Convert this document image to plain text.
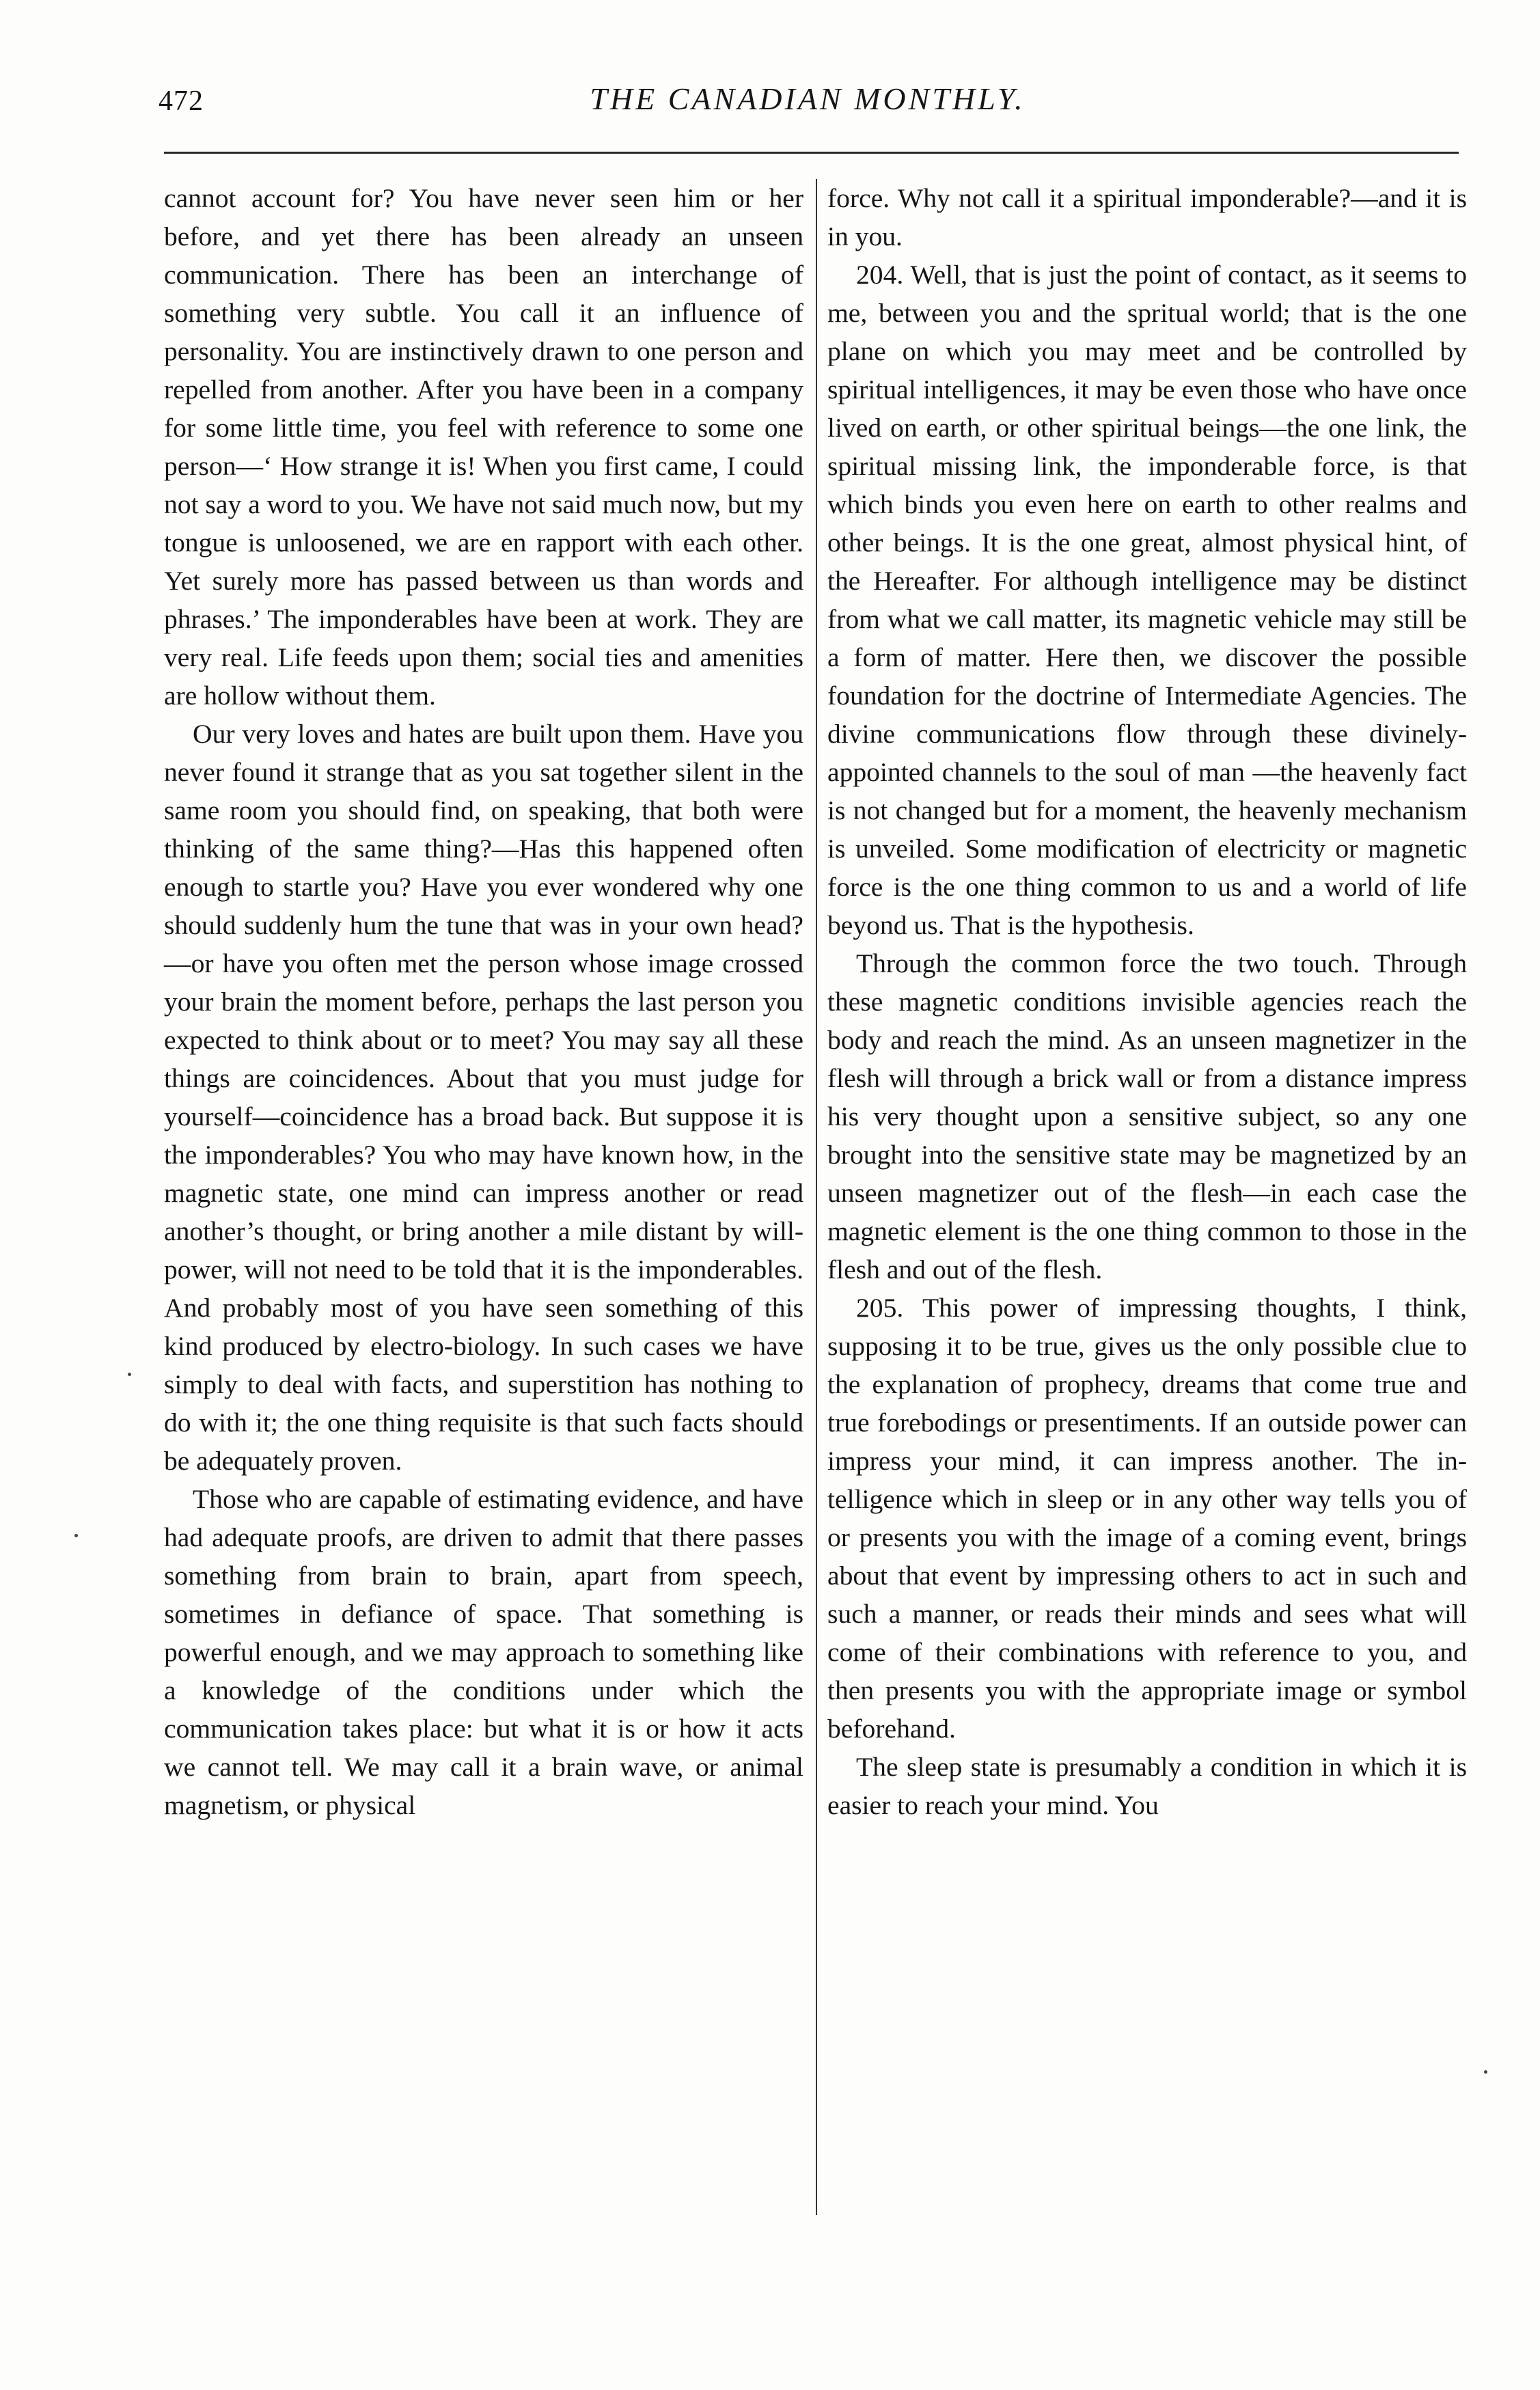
472	THE CANADIAN MONTHLY.

cannot account for? You have never seen him or her before, and yet there has been already an unseen communication. There has been an interchange of something very subtle. You call it an influence of personality. You are instinctively drawn to one person and repelled from another. After you have been in a company for some little time, you feel with reference to some one person—‘ How strange it is! When you first came, I could not say a word to you. We have not said much now, but my tongue is unloosened, we are en rapport with each other. Yet surely more has passed between us than words and phrases.’ The imponderables have been at work. They are very real. Life feeds upon them; social ties and amenities are hollow without them.

Our very loves and hates are built upon them. Have you never found it strange that as you sat together silent in the same room you should find, on speaking, that both were thinking of the same thing?—Has this happened often enough to startle you? Have you ever wondered why one should suddenly hum the tune that was in your own head?—or have you often met the person whose image crossed your brain the moment before, perhaps the last person you expected to think about or to meet? You may say all these things are coincidences. About that you must judge for yourself—coincidence has a broad back. But suppose it is the imponderables? You who may have known how, in the magnetic state, one mind can impress another or read another’s thought, or bring another a mile distant by will-power, will not need to be told that it is the imponderables. And probably most of you have seen something of this kind produced by electro-biology. In such cases we have simply to deal with facts, and superstition has nothing to do with it; the one thing requisite is that such facts should be adequately proven.

Those who are capable of estimating evidence, and have had adequate proofs, are driven to admit that there passes something from brain to brain, apart from speech, sometimes in defiance of space. That something is powerful enough, and we may approach to something like a knowledge of the conditions under which the communication takes place: but what it is or how it acts we cannot tell. We may call it a brain wave, or animal magnetism, or physical

force. Why not call it a spiritual imponderable?—and it is in you.

204. Well, that is just the point of contact, as it seems to me, between you and the spritual world; that is the one plane on which you may meet and be controlled by spiritual intelligences, it may be even those who have once lived on earth, or other spiritual beings—the one link, the spiritual missing link, the imponderable force, is that which binds you even here on earth to other realms and other beings. It is the one great, almost physical hint, of the Hereafter. For although intelligence may be distinct from what we call matter, its magnetic vehicle may still be a form of matter. Here then, we discover the possible foundation for the doctrine of Intermediate Agencies. The divine communications flow through these divinely-appointed channels to the soul of man —the heavenly fact is not changed but for a moment, the heavenly mechanism is unveiled. Some modification of electricity or magnetic force is the one thing common to us and a world of life beyond us. That is the hypothesis.

Through the common force the two touch. Through these magnetic conditions invisible agencies reach the body and reach the mind. As an unseen magnetizer in the flesh will through a brick wall or from a distance impress his very thought upon a sensitive subject, so any one brought into the sensitive state may be magnetized by an unseen magnetizer out of the flesh—in each case the magnetic element is the one thing common to those in the flesh and out of the flesh.

205. This power of impressing thoughts, I think, supposing it to be true, gives us the only possible clue to the explanation of prophecy, dreams that come true and true forebodings or presentiments. If an outside power can impress your mind, it can impress another. The intelligence which in sleep or in any other way tells you of or presents you with the image of a coming event, brings about that event by impressing others to act in such and such a manner, or reads their minds and sees what will come of their combinations with reference to you, and then presents you with the appropriate image or symbol beforehand.

The sleep state is presumably a condition in which it is easier to reach your mind. You
